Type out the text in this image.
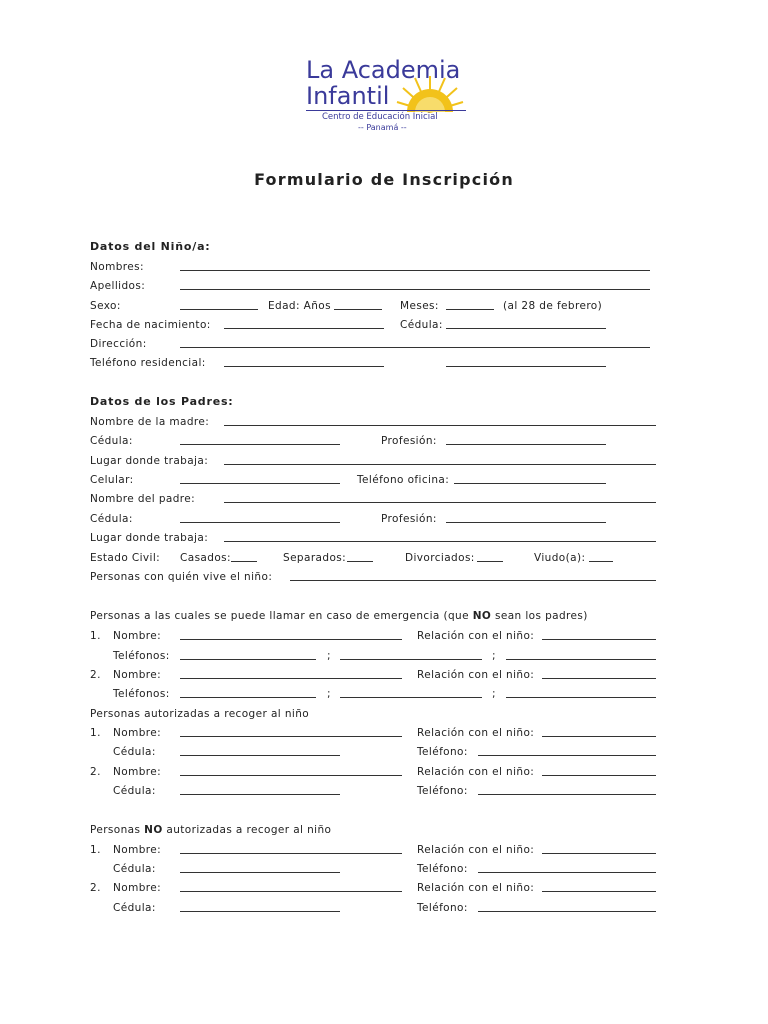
La Academia
Infantil
Centro de Educación Inicial
-- Panamá --
Formulario de Inscripción
Datos del Niño/a:
Nombres:
Apellidos:
Sexo:	Edad: Años	Meses:	(al 28 de febrero)
Fecha de nacimiento:	Cédula:
Dirección:
Teléfono residencial:
Datos de los Padres:
Nombre de la madre:
Cédula:	Profesión:
Lugar donde trabaja:
Celular:	Teléfono oficina:
Nombre del padre:
Cédula:	Profesión:
Lugar donde trabaja:
Estado Civil: Casados:	Separados:	Divorciados:	Viudo(a):
Personas con quién vive el niño:
Personas a las cuales se puede llamar en caso de emergencia (que NO sean los padres)
1. Nombre:	Relación con el niño:
Teléfonos:	;	;
2. Nombre:	Relación con el niño:
Teléfonos:	;	;
Personas autorizadas a recoger al niño
1. Nombre:	Relación con el niño:
Cédula:	Teléfono:
2. Nombre:	Relación con el niño:
Cédula:	Teléfono:
Personas NO autorizadas a recoger al niño
1. Nombre:	Relación con el niño:
Cédula:	Teléfono:
2. Nombre:	Relación con el niño:
Cédula:	Teléfono:
